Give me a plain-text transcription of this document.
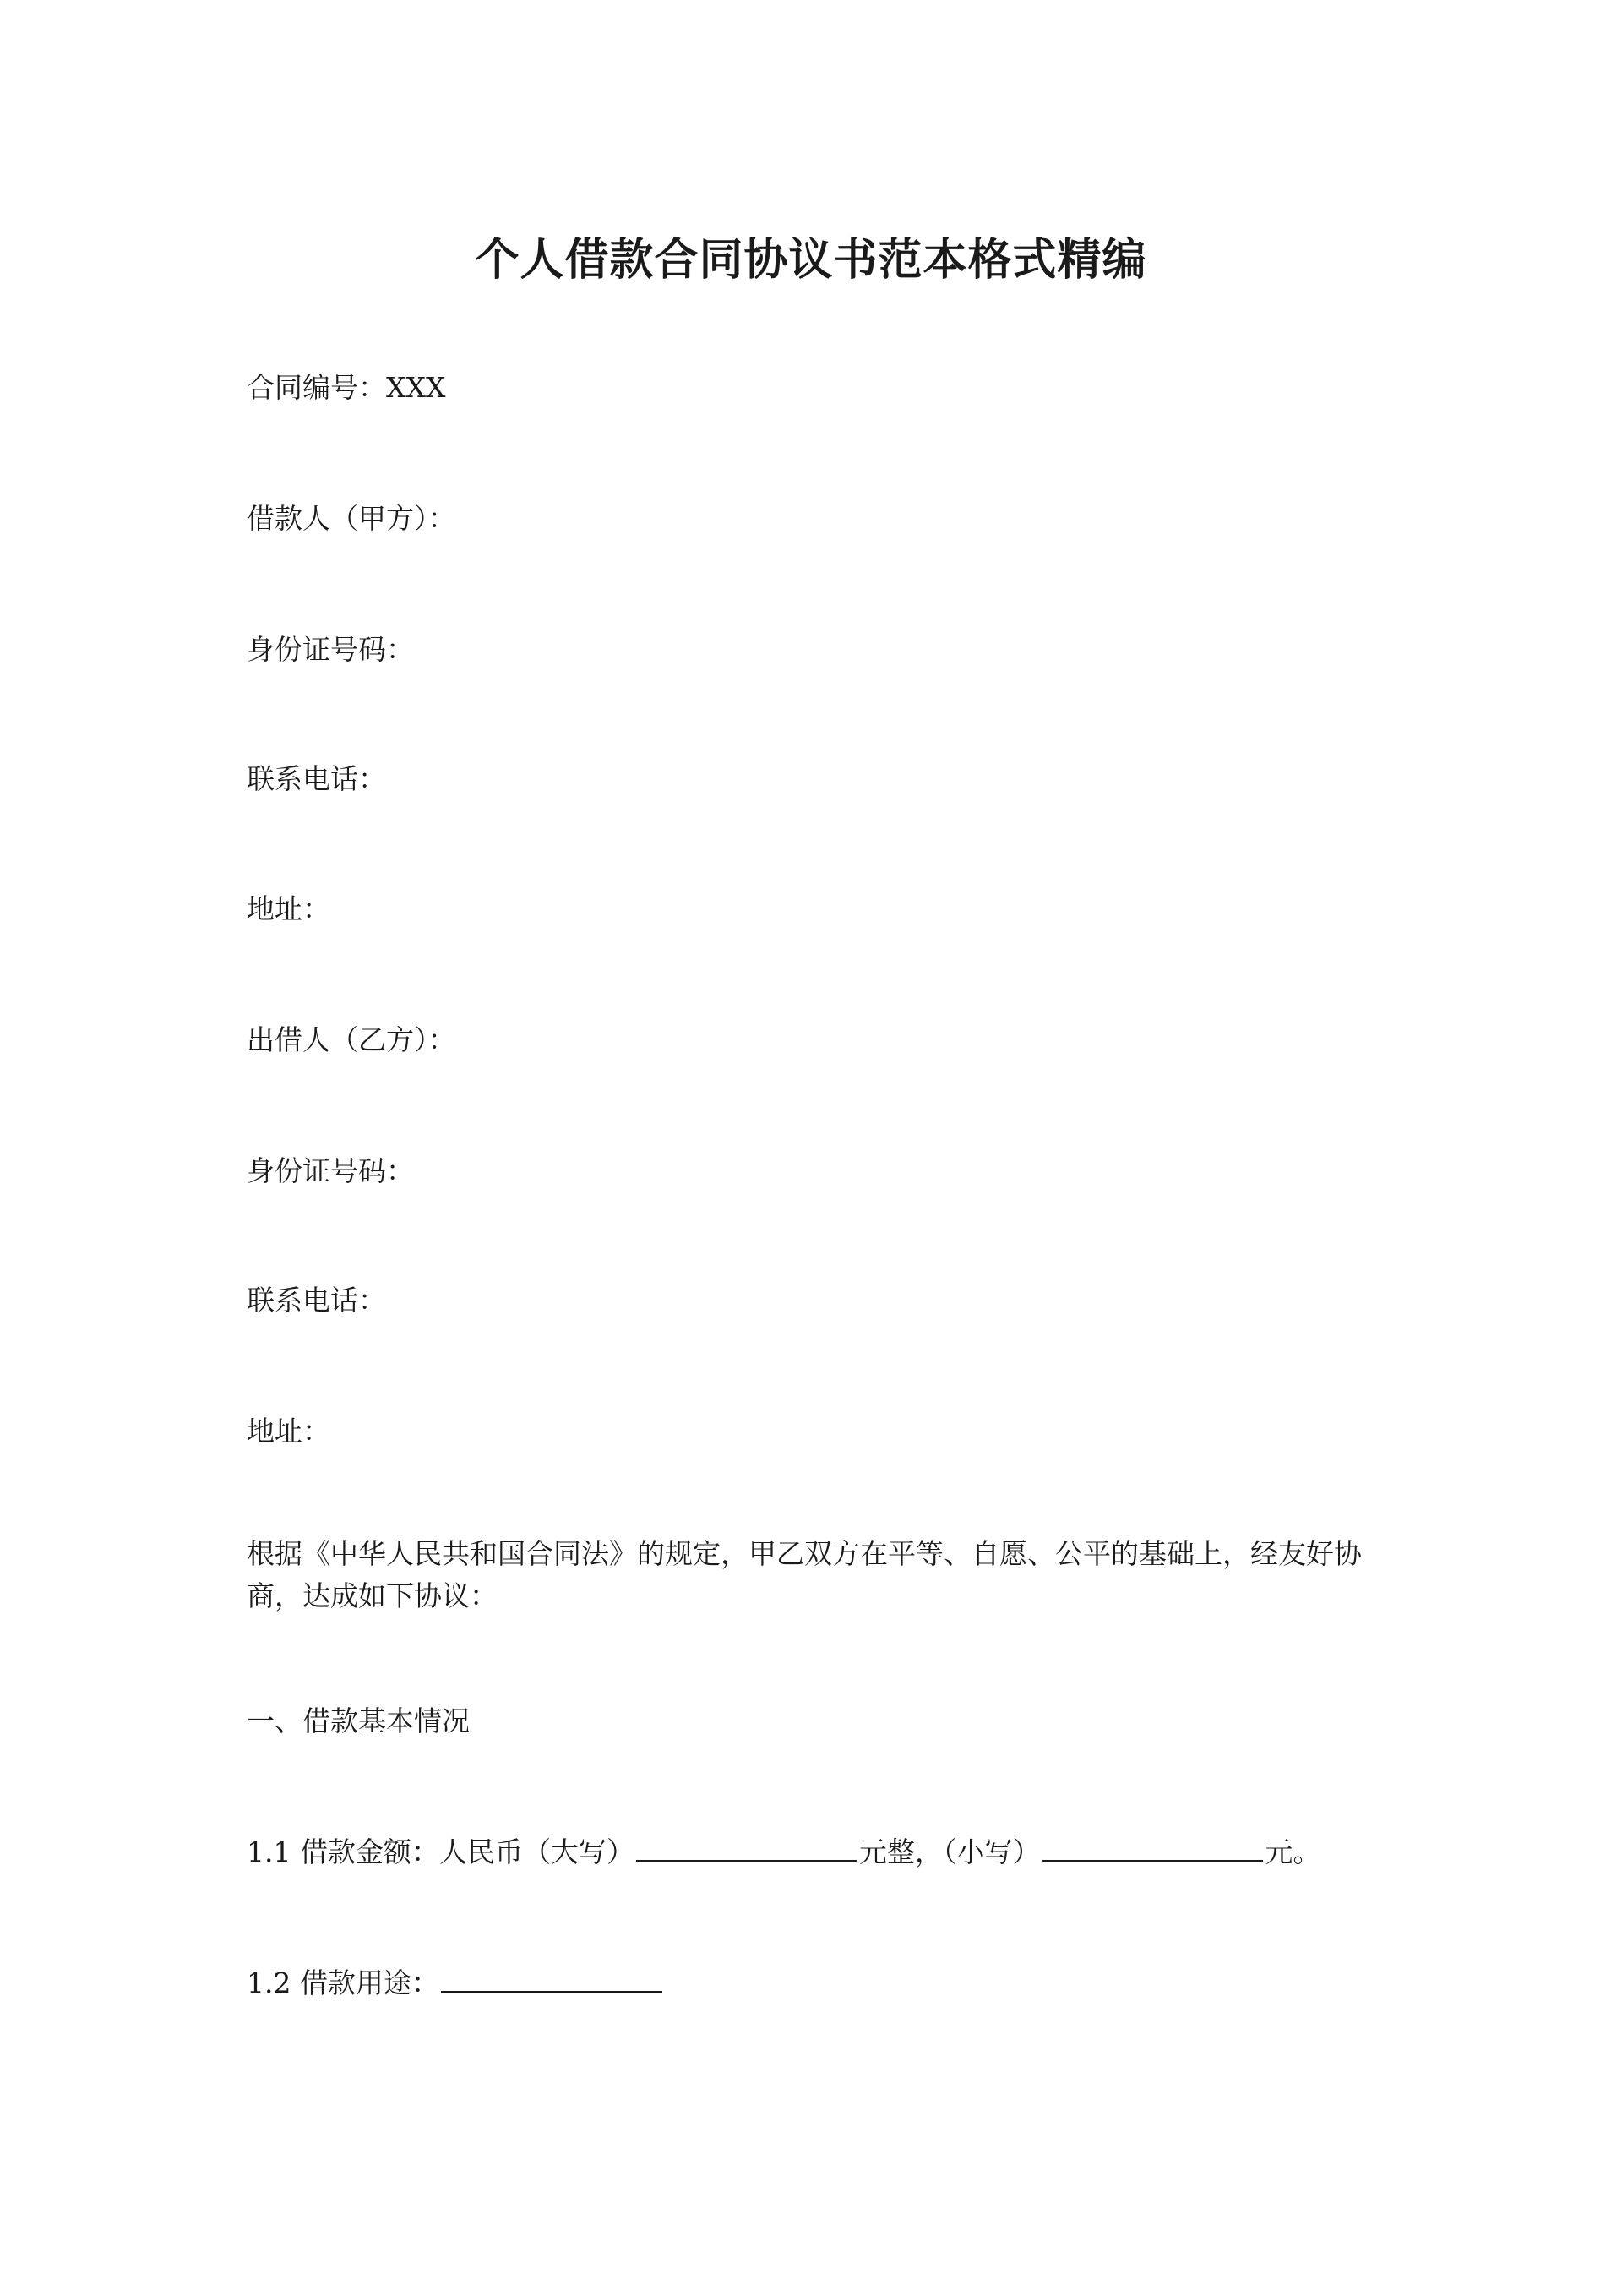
个人借款合同协议书范本格式精编
合同编号：XXX
借款人（甲方）：
身份证号码：
联系电话：
地址：
出借人（乙方）：
身份证号码：
联系电话：
地址：
根据《中华人民共和国合同法》的规定，甲乙双方在平等、自愿、公平的基础上，经友好协商，达成如下协议：
一、借款基本情况
1.1 借款金额：人民币（大写）	元整，（小写）	元。
1.2 借款用途：
